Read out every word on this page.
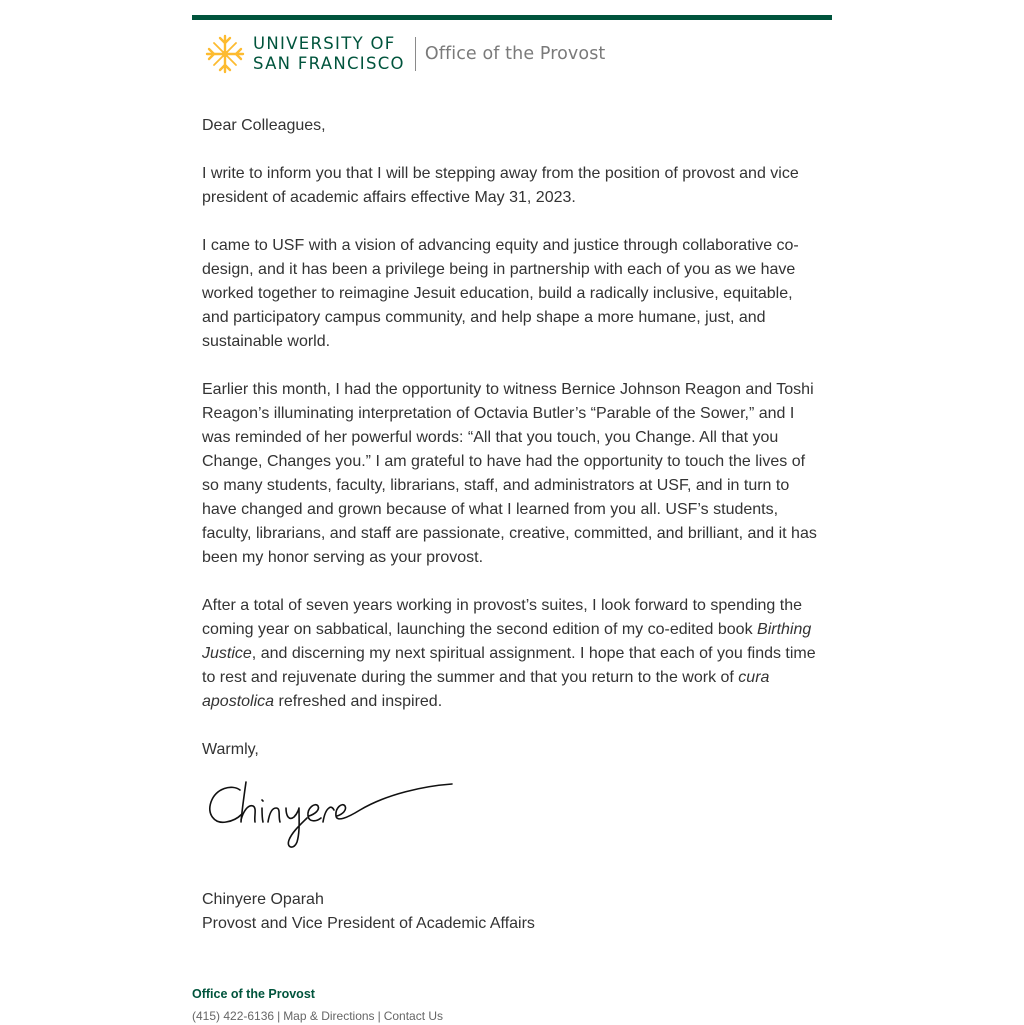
UNIVERSITY OF
SAN FRANCISCO Office of the Provost

Dear Colleagues,

I write to inform you that I will be stepping away from the position of provost and vice president of academic affairs effective May 31, 2023.

I came to USF with a vision of advancing equity and justice through collaborative co-design, and it has been a privilege being in partnership with each of you as we have worked together to reimagine Jesuit education, build a radically inclusive, equitable, and participatory campus community, and help shape a more humane, just, and sustainable world.

Earlier this month, I had the opportunity to witness Bernice Johnson Reagon and Toshi Reagon’s illuminating interpretation of Octavia Butler’s “Parable of the Sower,” and I was reminded of her powerful words: “All that you touch, you Change. All that you Change, Changes you.” I am grateful to have had the opportunity to touch the lives of so many students, faculty, librarians, staff, and administrators at USF, and in turn to have changed and grown because of what I learned from you all. USF’s students, faculty, librarians, and staff are passionate, creative, committed, and brilliant, and it has been my honor serving as your provost.

After a total of seven years working in provost’s suites, I look forward to spending the coming year on sabbatical, launching the second edition of my co-edited book Birthing Justice, and discerning my next spiritual assignment. I hope that each of you finds time to rest and rejuvenate during the summer and that you return to the work of cura apostolica refreshed and inspired.

Warmly,
Chinyere Oparah
Provost and Vice President of Academic Affairs
Office of the Provost
(415) 422-6136 | Map & Directions | Contact Us
